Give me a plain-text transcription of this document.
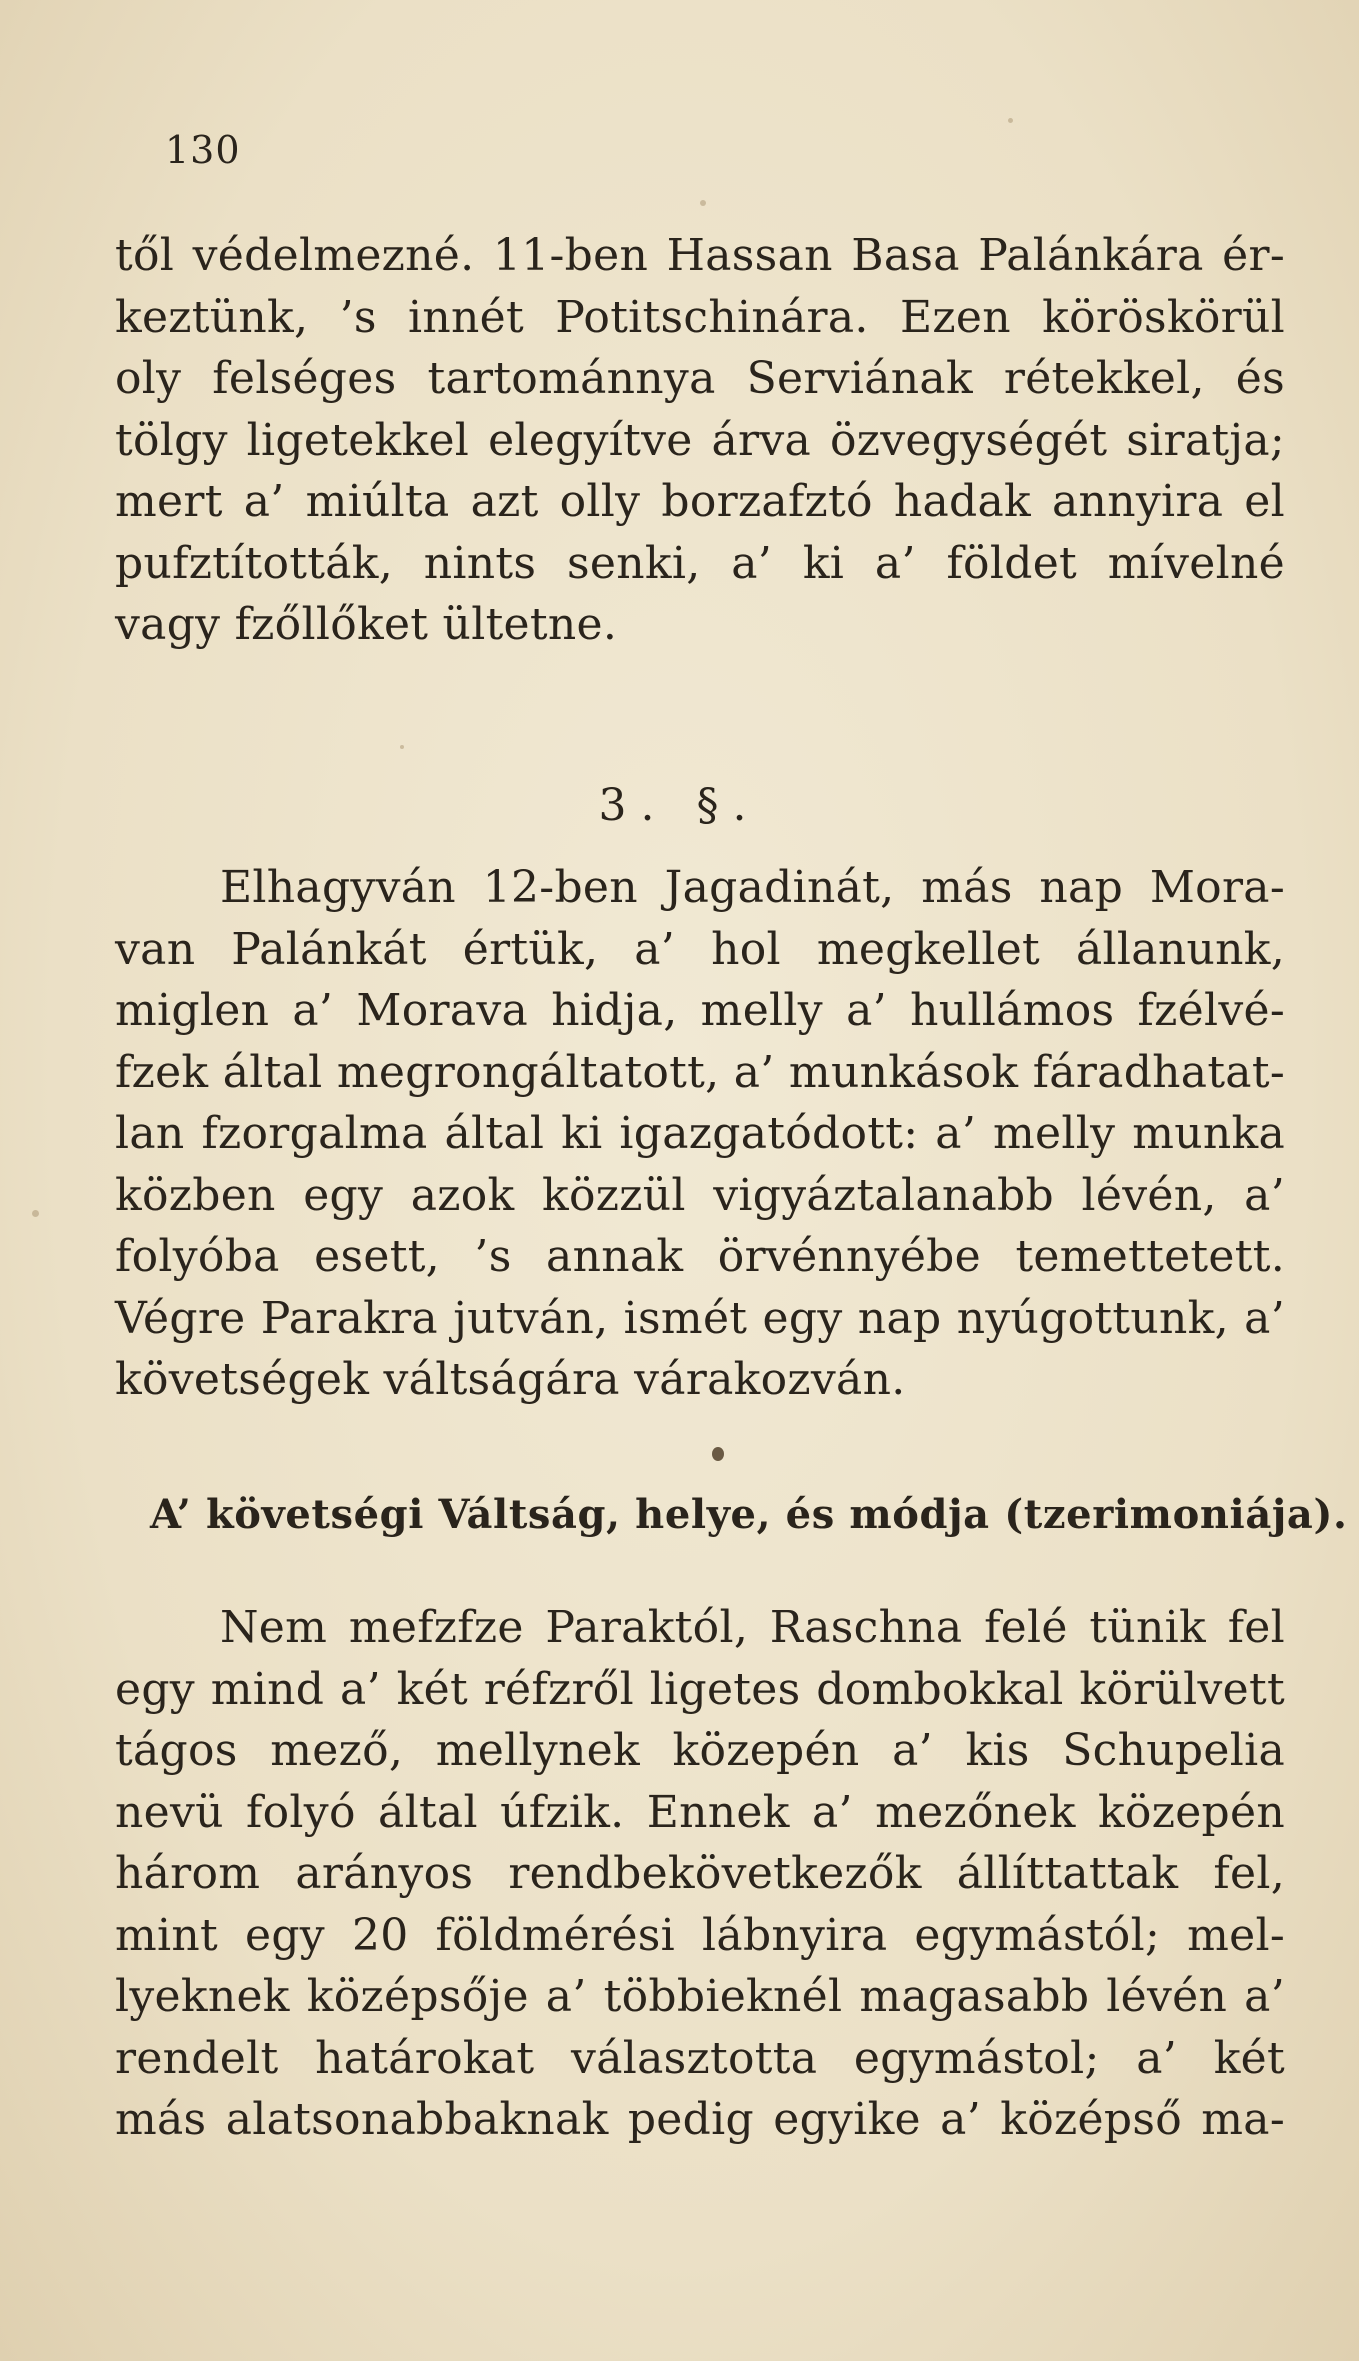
130
től védelmezné. 11-ben Hassan Basa Palánkára ér-
keztünk, ’s innét Potitschinára. Ezen köröskörül
oly felséges tartománnya Serviának rétekkel, és
tölgy ligetekkel elegyítve árva özvegységét siratja;
mert a’ miúlta azt olly borzafztó hadak annyira el
pufztították, nints senki, a’ ki a’ földet mívelné
vagy fzőllőket ültetne.
3. §.
Elhagyván 12-ben Jagadinát, más nap Mora-
van Palánkát értük, a’ hol megkellet állanunk,
miglen a’ Morava hidja, melly a’ hullámos fzélvé-
fzek által megrongáltatott, a’ munkások fáradhatat-
lan fzorgalma által ki igazgatódott: a’ melly munka
közben egy azok közzül vigyáztalanabb lévén, a’
folyóba esett, ’s annak örvénnyébe temettetett.
Végre Parakra jutván, ismét egy nap nyúgottunk, a’
követségek váltságára várakozván.
A’ követségi Váltság, helye, és módja (tzerimoniája).
Nem mefzfze Paraktól, Raschna felé tünik fel
egy mind a’ két réfzről ligetes dombokkal körülvett
tágos mező, mellynek közepén a’ kis Schupelia
nevü folyó által úfzik. Ennek a’ mezőnek közepén
három arányos rendbekövetkezők állíttattak fel,
mint egy 20 földmérési lábnyira egymástól; mel-
lyeknek középsője a’ többieknél magasabb lévén a’
rendelt határokat választotta egymástol; a’ két
más alatsonabbaknak pedig egyike a’ középső ma-
